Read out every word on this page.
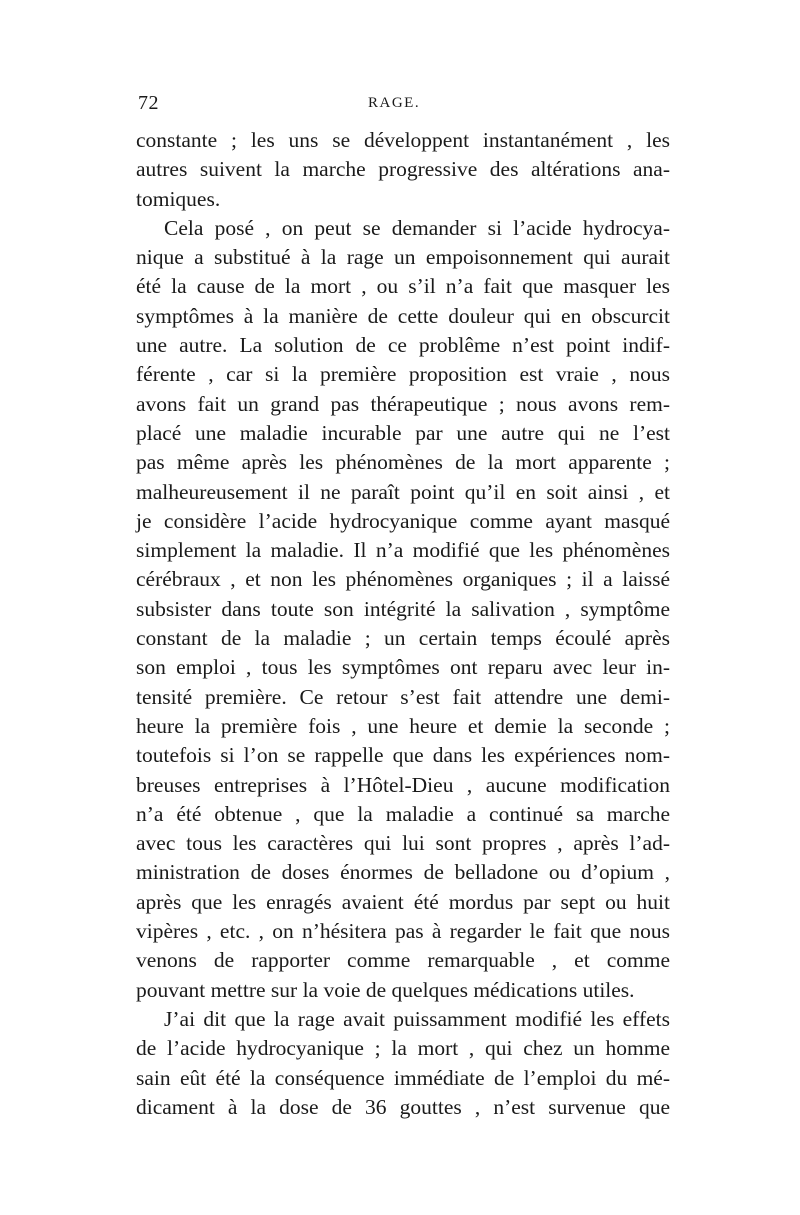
72	RAGE.
constante ; les uns se développent instantanément , les
autres suivent la marche progressive des altérations ana-
tomiques.
Cela posé , on peut se demander si l’acide hydrocya-
nique a substitué à la rage un empoisonnement qui aurait
été la cause de la mort , ou s’il n’a fait que masquer les
symptômes à la manière de cette douleur qui en obscurcit
une autre. La solution de ce problême n’est point indif-
férente , car si la première proposition est vraie , nous
avons fait un grand pas thérapeutique ; nous avons rem-
placé une maladie incurable par une autre qui ne l’est
pas même après les phénomènes de la mort apparente ;
malheureusement il ne paraît point qu’il en soit ainsi , et
je considère l’acide hydrocyanique comme ayant masqué
simplement la maladie. Il n’a modifié que les phénomènes
cérébraux , et non les phénomènes organiques ; il a laissé
subsister dans toute son intégrité la salivation , symptôme
constant de la maladie ; un certain temps écoulé après
son emploi , tous les symptômes ont reparu avec leur in-
tensité première. Ce retour s’est fait attendre une demi-
heure la première fois , une heure et demie la seconde ;
toutefois si l’on se rappelle que dans les expériences nom-
breuses entreprises à l’Hôtel-Dieu , aucune modification
n’a été obtenue , que la maladie a continué sa marche
avec tous les caractères qui lui sont propres , après l’ad-
ministration de doses énormes de belladone ou d’opium ,
après que les enragés avaient été mordus par sept ou huit
vipères , etc. , on n’hésitera pas à regarder le fait que nous
venons de rapporter comme remarquable , et comme
pouvant mettre sur la voie de quelques médications utiles.
J’ai dit que la rage avait puissamment modifié les effets
de l’acide hydrocyanique ; la mort , qui chez un homme
sain eût été la conséquence immédiate de l’emploi du mé-
dicament à la dose de 36 gouttes , n’est survenue que
